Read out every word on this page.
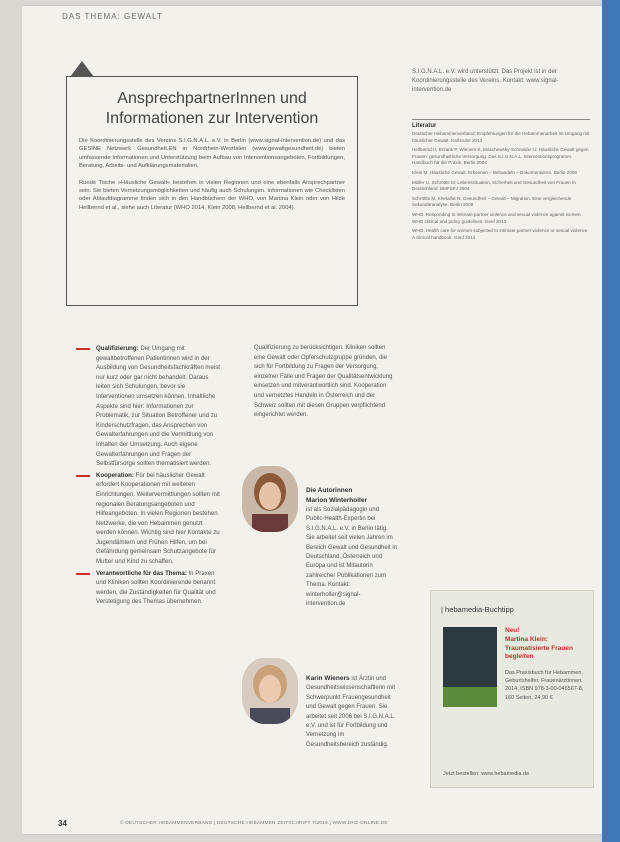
DAS THEMA: GEWALT
AnsprechpartnerInnen und Informationen zur Intervention

Die Koordinierungsstelle des Vereins S.I.G.N.A.L. e.V. in Berlin (www.signal-intervention.de) und das GESINE Netzwerk Gesundheit.EN in Nordrhein-Westfalen (www.gewaltgesundheit.de) bieten umfassende Informationen und Unterstützung beim Aufbau von Interventionsangeboten, Fortbildungen, Beratung, Arbeits- und Aufklärungsmaterialien.

Runde Tische »Häusliche Gewalt« bestehen in vielen Regionen und eine ebenfalls Ansprechpartner sein. Sie bieten Vernetzungsmöglichkeiten und häufig auch Schulungen. Informationen wie Checklisten oder Ablaufdiagramme finden sich in den Handbüchern der WHO, von Martina Klein oder von Hilde Hellbernd et al., siehe auch Literatur (WHO 2014, Klein 2008, Hellbernd et al. 2004).

Qualifizierung: Der Umgang mit gewaltbetroffenen Patientinnen wird in der Ausbildung von Gesundheitsfachkräften meist nur kurz oder gar nicht behandelt. Daraus leiten sich Schulungen, bevor sie Interventionen umsetzen können. Inhaltliche Aspekte sind hier: Informationen zur Problematik, zur Situation Betroffener und zu Kinderschutzfragen, das Ansprechen von Gewalterfahrungen und die Vermittlung von Inhalten der Umsetzung. Auch eigene Gewalterfahrungen und Fragen der Selbstfürsorge sollten thematisiert werden.
Kooperation: Für bei häuslicher Gewalt erfordert Kooperationen mit weiteren Einrichtungen. Weitervermittlungen sollten mit regionalen Beratungsangeboten und Hilfeangeboten. In vielen Regionen bestehen Netzwerke, die von Hebammen genutzt werden können. Wichtig sind hier Kontakte zu Jugendämtern und Frühen Hilfen, um bei Gefährdung gemeinsam Schutzangebote für Mutter und Kind zu schaffen.
Verantwortliche für das Thema: In Praxen und Kliniken sollten Koordinierende benannt werden, die Zuständigkeiten für Qualität und Verstetigung des Themas übernehmen.
Qualifizierung zu berücksichtigen. Kliniken sollten eine Gewalt oder Opferschutzgruppe gründen, die sich für Fortbildung zu Fragen der Versorgung, einzelner Fälle und Fragen der Qualitätsentwicklung einsetzen und mitverantwortlich sind. Kooperation und vernetztes Handeln in Österreich und der Schweiz sollten mit diesen Gruppen verpflichtend eingerichtet werden.
Die Autorinnen
Marion Winterholler
ist als Sozialpädagogin und Public-Health-Expertin bei S.I.G.N.A.L. e.V. in Berlin tätig. Sie arbeitet seit vielen Jahren im Bereich Gewalt und Gesundheit in Deutschland, Österreich und Europa und ist Mitautorin zahlreicher Publikationen zum Thema. Kontakt: winterholler@signal-intervention.de
Karin Wieners ist Ärztin und Gesundheitswissenschaftlerin mit Schwerpunkt Frauengesundheit und Gewalt gegen Frauen. Sie arbeitet seit 2006 bei S.I.G.N.A.L. e.V. und ist für Fortbildung und Vernetzung im Gesundheitsbereich zuständig.
S.I.G.N.A.L. e.V. wird unterstützt. Das Projekt ist in der Koordinierungsstelle des Vereins. Kontakt: www.signal-intervention.de
Literatur

Deutscher Hebammenverband: Empfehlungen für die Hebammenarbeit im Umgang mit häuslicher Gewalt. Karlsruhe 2013

Hellbernd H, Brzank P, Wieners K, Maschewsky-Schneider U: Häusliche Gewalt gegen Frauen: gesundheitliche Versorgung. Das S.I.G.N.A.L. Interventionsprogramm. Handbuch für die Praxis. Berlin 2004

Klein M: Häusliche Gewalt. Erkennen – Behandeln – Dokumentieren. Berlin 2008

Müller U, Schröttle M: Lebenssituation, Sicherheit und Gesundheit von Frauen in Deutschland. BMFSFJ 2004

Schröttle M, Khelaifat N: Gesundheit – Gewalt – Migration. Eine vergleichende Sekundäranalyse. Berlin 2008

WHO: Responding to intimate partner violence and sexual violence against women. WHO clinical and policy guidelines. Genf 2013

WHO: Health care for women subjected to intimate partner violence or sexual violence. A clinical handbook. Genf 2014

| hebamedia-Buchtipp
Neu!
Martina Klein: Traumatisierte Frauen begleiten
Das Praxisbuch für Hebammen, Geburtshelfer, Frauenärztinnen. 2014, ISBN 978-3-00-046567-8, 160 Seiten, 24,90 €
Jetzt bestellen: www.hebamedia.de
34	© DEUTSCHER HEBAMMENVERBAND | DEUTSCHE HEBAMMEN ZEITSCHRIFT 7/2016 | WWW.DHZ-ONLINE.DE
